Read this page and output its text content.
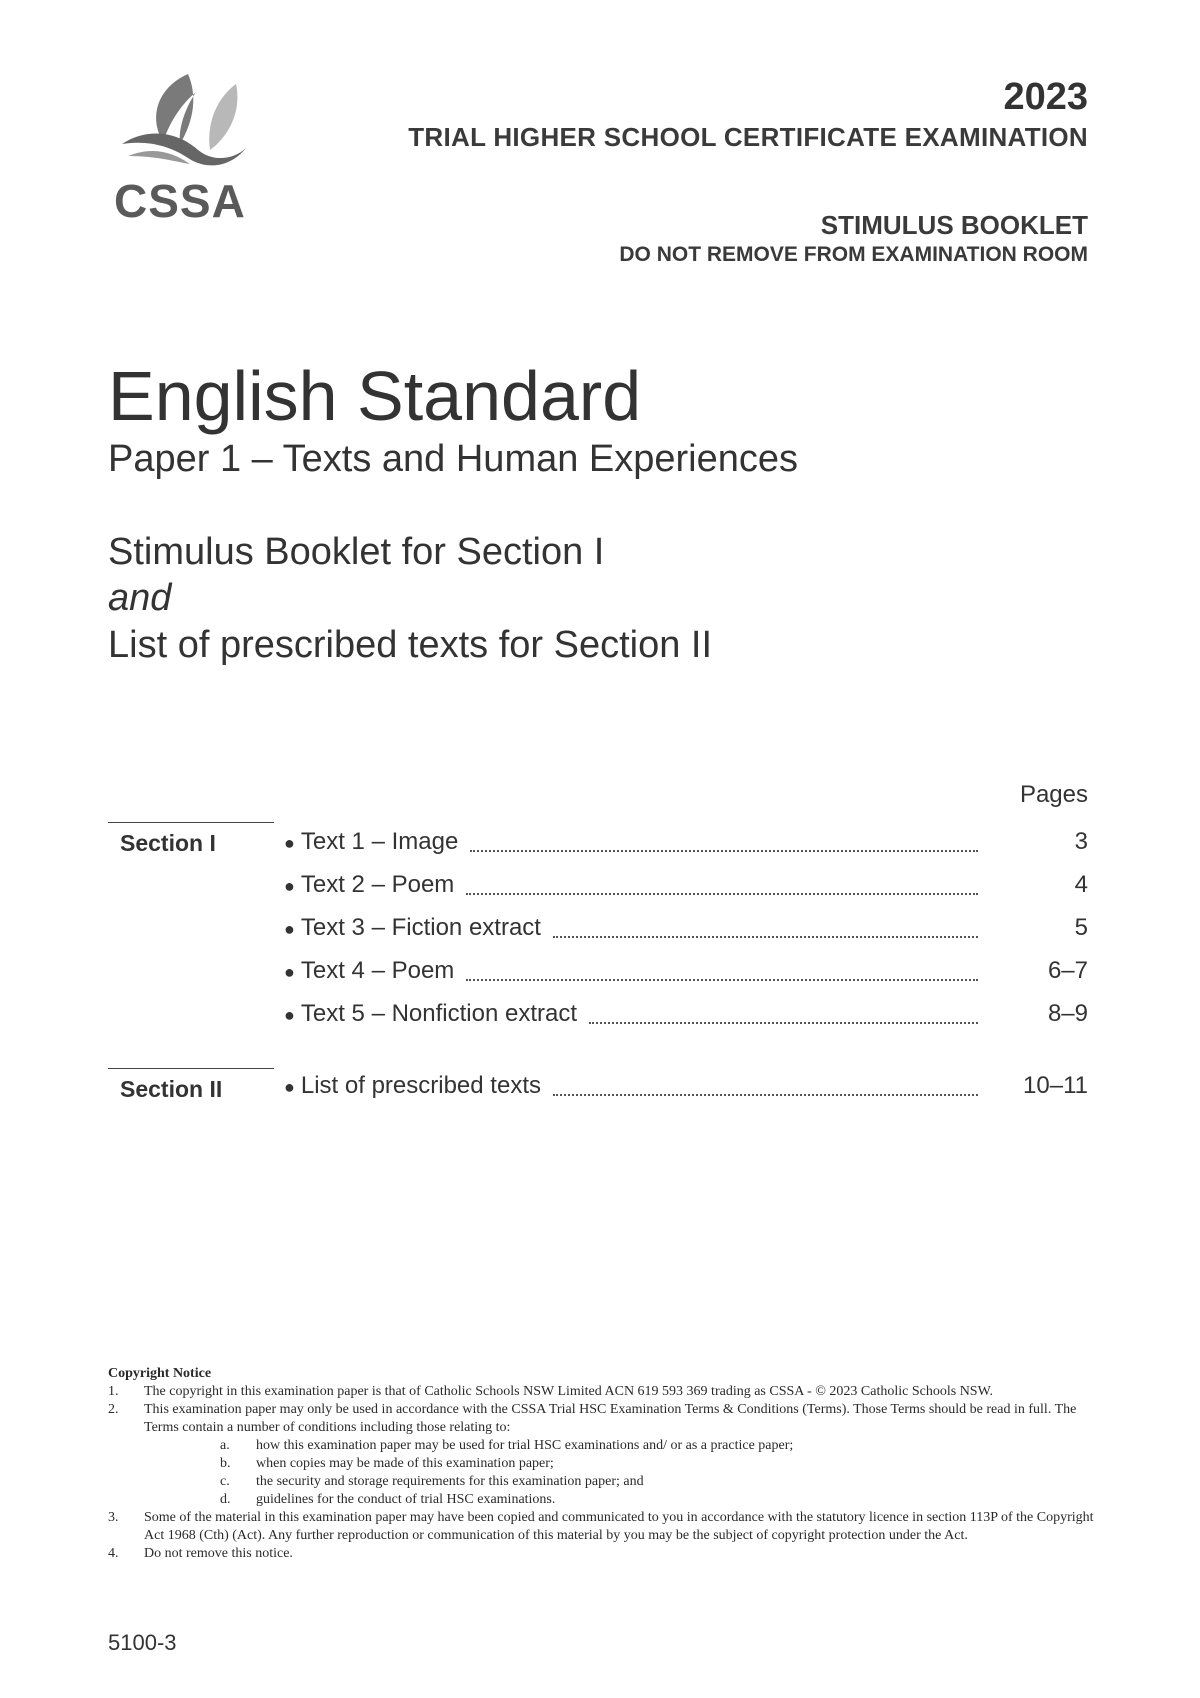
CSSA
2023
TRIAL HIGHER SCHOOL CERTIFICATE EXAMINATION
STIMULUS BOOKLET
DO NOT REMOVE FROM EXAMINATION ROOM
English Standard
Paper 1 – Texts and Human Experiences
Stimulus Booklet for Section I
and
List of prescribed texts for Section II
Pages
Section I	● Text 1 – Image	3
● Text 2 – Poem	4
● Text 3 – Fiction extract	5
● Text 4 – Poem	6–7
● Text 5 – Nonfiction extract	8–9
Section II	● List of prescribed texts	10–11
Copyright Notice
1.	The copyright in this examination paper is that of Catholic Schools NSW Limited ACN 619 593 369 trading as CSSA - © 2023 Catholic Schools NSW.
2.	This examination paper may only be used in accordance with the CSSA Trial HSC Examination Terms & Conditions (Terms). Those Terms should be read in full. The Terms contain a number of conditions including those relating to:
a.	how this examination paper may be used for trial HSC examinations and/ or as a practice paper;
b.	when copies may be made of this examination paper;
c.	the security and storage requirements for this examination paper; and
d.	guidelines for the conduct of trial HSC examinations.
3.	Some of the material in this examination paper may have been copied and communicated to you in accordance with the statutory licence in section 113P of the Copyright Act 1968 (Cth) (Act). Any further reproduction or communication of this material by you may be the subject of copyright protection under the Act.
4.	Do not remove this notice.
5100-3
